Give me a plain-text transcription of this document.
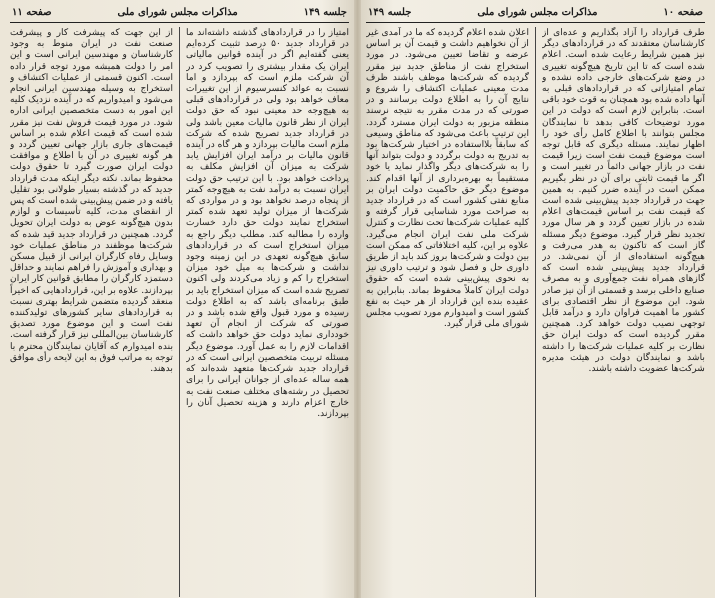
جلسه ۱۴۹
مذاکرات مجلس شورای ملی
صفحه ۱۱

امتیاز را در قراردادهای گذشته داشته‌اند ما در قرارداد جدید ۵۰ درصد تثبیت کرده‌ایم یعنی گفته‌ایم اگر در آینده قوانین مالیاتی ایران یک مقدار بیشتری را تصویب کرد در آن شرکت ملزم است که بپردازد و اما نسبت به عوائد کنسرسیوم از این تغییرات معاف خواهد بود ولی در قراردادهای قبلی به هیچ‌وجه حد معینی نبود که حق دولت ایران از نظر قانون مالیات معین باشد ولی در قرارداد جدید تصریح شده که شرکت ملزم است مالیات بپردازد و هر گاه در آینده قانون مالیات بر درآمد ایران افزایش یابد شرکت به میزان آن افزایش مکلف به پرداخت خواهد بود. با این ترتیب حق دولت ایران نسبت به درآمد نفت به هیچ‌وجه کمتر از پنجاه درصد نخواهد بود و در مواردی که شرکت‌ها از میزان تولید تعهد شده کمتر استخراج نمایند دولت حق دارد خسارت وارده را مطالبه کند. مطلب دیگر راجع به میزان استخراج است که در قراردادهای سابق هیچ‌گونه تعهدی در این زمینه وجود نداشت و شرکت‌ها به میل خود میزان استخراج را کم و زیاد می‌کردند ولی اکنون تصریح شده است که میزان استخراج باید بر طبق برنامه‌ای باشد که به اطلاع دولت رسیده و مورد قبول واقع شده باشد و در صورتی که شرکت از انجام آن تعهد خودداری نماید دولت حق خواهد داشت که اقدامات لازم را به عمل آورد. موضوع دیگر مسئله تربیت متخصصین ایرانی است که در قرارداد جدید شرکت‌ها متعهد شده‌اند که همه ساله عده‌ای از جوانان ایرانی را برای تحصیل در رشته‌های مختلف صنعت نفت به خارج اعزام دارند و هزینه تحصیل آنان را بپردازند.

از این جهت که پیشرفت کار و پیشرفت صنعت نفت در ایران منوط به وجود کارشناسان و مهندسین ایرانی است و این امر را دولت همیشه مورد توجه قرار داده است. اکنون قسمتی از عملیات اکتشاف و استخراج به وسیله مهندسین ایرانی انجام می‌شود و امیدواریم که در آینده نزدیک کلیه این امور به دست متخصصین ایرانی اداره شود. در مورد قیمت فروش نفت نیز مقرر شده است که قیمت اعلام شده بر اساس قیمت‌های جاری بازار جهانی تعیین گردد و هر گونه تغییری در آن با اطلاع و موافقت دولت ایران صورت گیرد تا حقوق دولت محفوظ بماند. نکته دیگر اینکه مدت قرارداد جدید که در گذشته بسیار طولانی بود تقلیل یافته و در ضمن پیش‌بینی شده است که پس از انقضای مدت، کلیه تأسیسات و لوازم بدون هیچ‌گونه عوض به دولت ایران تحویل گردد. همچنین در قرارداد جدید قید شده که شرکت‌ها موظفند در مناطق عملیات خود وسایل رفاه کارگران ایرانی از قبیل مسکن و بهداری و آموزش را فراهم نمایند و حداقل دستمزد کارگران را مطابق قوانین کار ایران بپردازند. علاوه بر این، قراردادهایی که اخیراً منعقد گردیده متضمن شرایط بهتری نسبت به قراردادهای سایر کشورهای تولیدکننده نفت است و این موضوع مورد تصدیق کارشناسان بین‌المللی نیز قرار گرفته است. بنده امیدوارم که آقایان نمایندگان محترم با توجه به مراتب فوق به این لایحه رأی موافق بدهند.

صفحه ۱۰
مذاکرات مجلس شورای ملی
جلسه ۱۴۹

طرف قرارداد را آزاد بگذاریم و عده‌ای از کارشناسان معتقدند که در قراردادهای دیگر نیز همین شرایط رعایت شده است. اعلام شده است که تا این تاریخ هیچ‌گونه تغییری در وضع شرکت‌های خارجی داده نشده و تمام امتیازاتی که در قراردادهای قبلی به آنها داده شده بود همچنان به قوت خود باقی است. بنابراین لازم است که دولت در این مورد توضیحات کافی بدهد تا نمایندگان مجلس بتوانند با اطلاع کامل رأی خود را اظهار نمایند. مسئله دیگری که قابل توجه است موضوع قیمت نفت است زیرا قیمت نفت در بازار جهانی دائماً در تغییر است و اگر ما قیمت ثابتی برای آن در نظر بگیریم ممکن است در آینده ضرر کنیم. به همین جهت در قرارداد جدید پیش‌بینی شده است که قیمت نفت بر اساس قیمت‌های اعلام شده در بازار تعیین گردد و هر سال مورد تجدید نظر قرار گیرد. موضوع دیگر مسئله گاز است که تاکنون به هدر می‌رفت و هیچ‌گونه استفاده‌ای از آن نمی‌شد. در قرارداد جدید پیش‌بینی شده است که گازهای همراه نفت جمع‌آوری و به مصرف صنایع داخلی برسد و قسمتی از آن نیز صادر شود. این موضوع از نظر اقتصادی برای کشور ما اهمیت فراوان دارد و درآمد قابل توجهی نصیب دولت خواهد کرد. همچنین مقرر گردیده است که دولت ایران حق نظارت بر کلیه عملیات شرکت‌ها را داشته باشد و نمایندگان دولت در هیئت مدیره شرکت‌ها عضویت داشته باشند.

اعلان شده اعلام گردیده که ما در آمدی غیر از آن نخواهیم داشت و قیمت آن بر اساس عرضه و تقاضا تعیین می‌شود. در مورد استخراج نفت از مناطق جدید نیز مقرر گردیده که شرکت‌ها موظف باشند ظرف مدت معینی عملیات اکتشاف را شروع و نتایج آن را به اطلاع دولت برسانند و در صورتی که در مدت مقرر به نتیجه نرسند منطقه مزبور به دولت ایران مسترد گردد. این ترتیب باعث می‌شود که مناطق وسیعی که سابقاً بلااستفاده در اختیار شرکت‌ها بود به تدریج به دولت برگردد و دولت بتواند آنها را به شرکت‌های دیگر واگذار نماید یا خود مستقیماً به بهره‌برداری از آنها اقدام کند. موضوع دیگر حق حاکمیت دولت ایران بر منابع نفتی کشور است که در قرارداد جدید به صراحت مورد شناسایی قرار گرفته و کلیه عملیات شرکت‌ها تحت نظارت و کنترل شرکت ملی نفت ایران انجام می‌گیرد. علاوه بر این، کلیه اختلافاتی که ممکن است بین دولت و شرکت‌ها بروز کند باید از طریق داوری حل و فصل شود و ترتیب داوری نیز به نحوی پیش‌بینی شده است که حقوق دولت ایران کاملاً محفوظ بماند. بنابراین به عقیده بنده این قرارداد از هر حیث به نفع کشور است و امیدوارم مورد تصویب مجلس شورای ملی قرار گیرد.
